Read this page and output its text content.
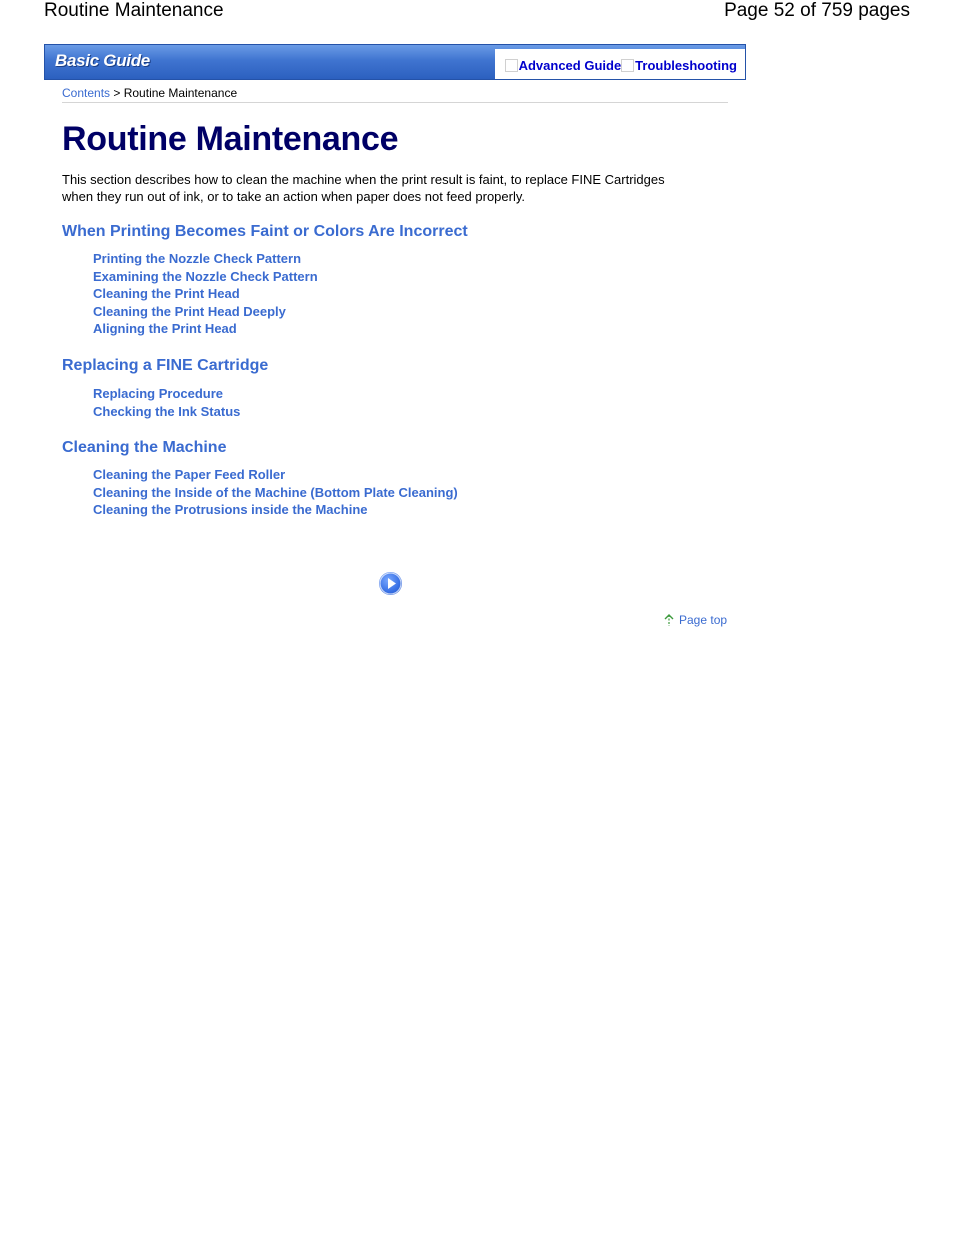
Routine Maintenance	Page 52 of 759 pages
Basic Guide	Advanced Guide Troubleshooting
Contents > Routine Maintenance
Routine Maintenance

This section describes how to clean the machine when the print result is faint, to replace FINE Cartridges when they run out of ink, or to take an action when paper does not feed properly.

When Printing Becomes Faint or Colors Are Incorrect
Printing the Nozzle Check Pattern
Examining the Nozzle Check Pattern
Cleaning the Print Head
Cleaning the Print Head Deeply
Aligning the Print Head
Replacing a FINE Cartridge
Replacing Procedure
Checking the Ink Status
Cleaning the Machine
Cleaning the Paper Feed Roller
Cleaning the Inside of the Machine (Bottom Plate Cleaning)
Cleaning the Protrusions inside the Machine
Page top
